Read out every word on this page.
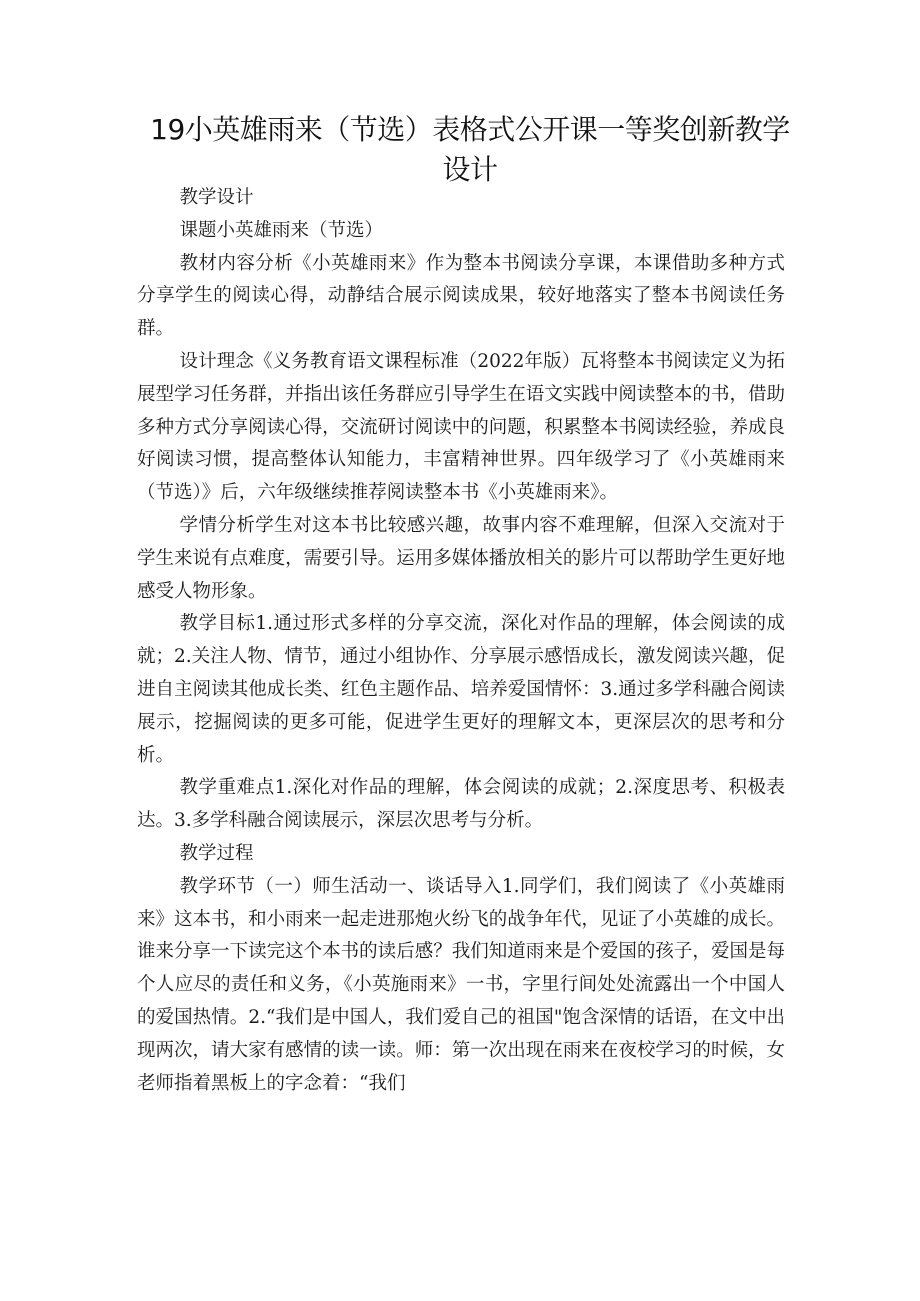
19小英雄雨来（节选）表格式公开课一等奖创新教学设计

教学设计

课题小英雄雨来（节选）

教材内容分析《小英雄雨来》作为整本书阅读分享课，本课借助多种方式分享学生的阅读心得，动静结合展示阅读成果，较好地落实了整本书阅读任务群。

设计理念《义务教育语文课程标准（2022年版）瓦将整本书阅读定义为拓展型学习任务群，并指出该任务群应引导学生在语文实践中阅读整本的书，借助多种方式分享阅读心得，交流研讨阅读中的问题，积累整本书阅读经验，养成良好阅读习惯，提高整体认知能力，丰富精神世界。四年级学习了《小英雄雨来（节选）》后，六年级继续推荐阅读整本书《小英雄雨来》。

学情分析学生对这本书比较感兴趣，故事内容不难理解，但深入交流对于学生来说有点难度，需要引导。运用多媒体播放相关的影片可以帮助学生更好地感受人物形象。

教学目标1.通过形式多样的分享交流，深化对作品的理解，体会阅读的成就；2.关注人物、情节，通过小组协作、分享展示感悟成长，激发阅读兴趣，促进自主阅读其他成长类、红色主题作品、培养爱国情怀：3.通过多学科融合阅读展示，挖掘阅读的更多可能，促进学生更好的理解文本，更深层次的思考和分析。

教学重难点1.深化对作品的理解，体会阅读的成就；2.深度思考、积极表达。3.多学科融合阅读展示，深层次思考与分析。

教学过程

教学环节（一）师生活动一、谈话导入1.同学们，我们阅读了《小英雄雨来》这本书，和小雨来一起走进那炮火纷飞的战争年代，见证了小英雄的成长。谁来分享一下读完这个本书的读后感？我们知道雨来是个爱国的孩子，爱国是每个人应尽的责任和义务，《小英施雨来》一书，字里行间处处流露出一个中国人的爱国热情。2.“我们是中国人，我们爱自己的祖国"饱含深情的话语，在文中出现两次，请大家有感情的读一读。师：第一次出现在雨来在夜校学习的时候，女老师指着黑板上的字念着：“我们
